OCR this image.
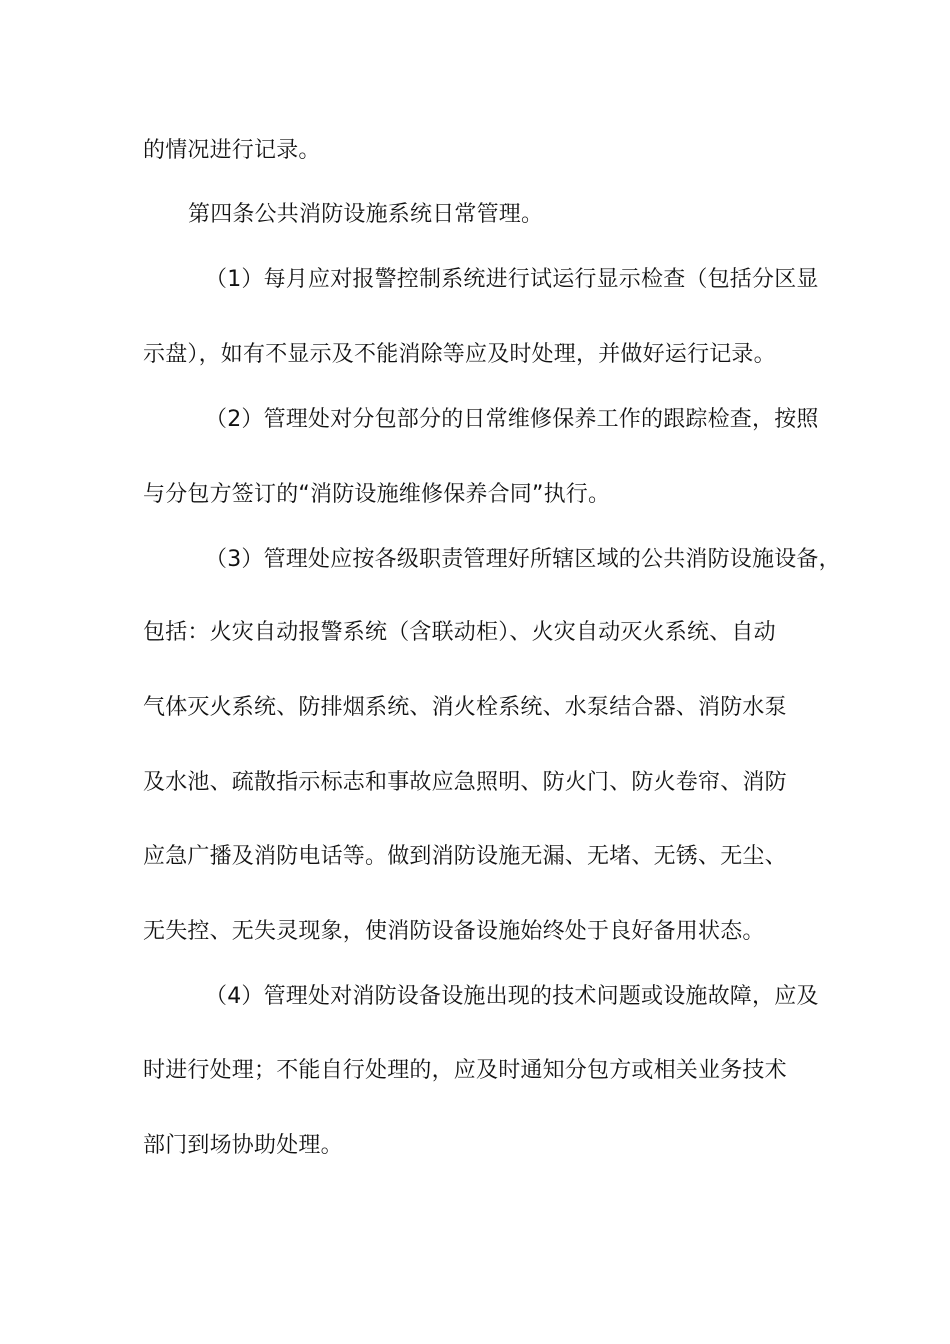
的情况进行记录。
第四条公共消防设施系统日常管理。
（1）每月应对报警控制系统进行试运行显示检查（包括分区显
示盘），如有不显示及不能消除等应及时处理，并做好运行记录。
（2）管理处对分包部分的日常维修保养工作的跟踪检查，按照
与分包方签订的“消防设施维修保养合同”执行。
（3）管理处应按各级职责管理好所辖区域的公共消防设施设备，
包括：火灾自动报警系统（含联动柜）、火灾自动灭火系统、自动
气体灭火系统、防排烟系统、消火栓系统、水泵结合器、消防水泵
及水池、疏散指示标志和事故应急照明、防火门、防火卷帘、消防
应急广播及消防电话等。做到消防设施无漏、无堵、无锈、无尘、
无失控、无失灵现象，使消防设备设施始终处于良好备用状态。
（4）管理处对消防设备设施出现的技术问题或设施故障，应及
时进行处理；不能自行处理的，应及时通知分包方或相关业务技术
部门到场协助处理。
